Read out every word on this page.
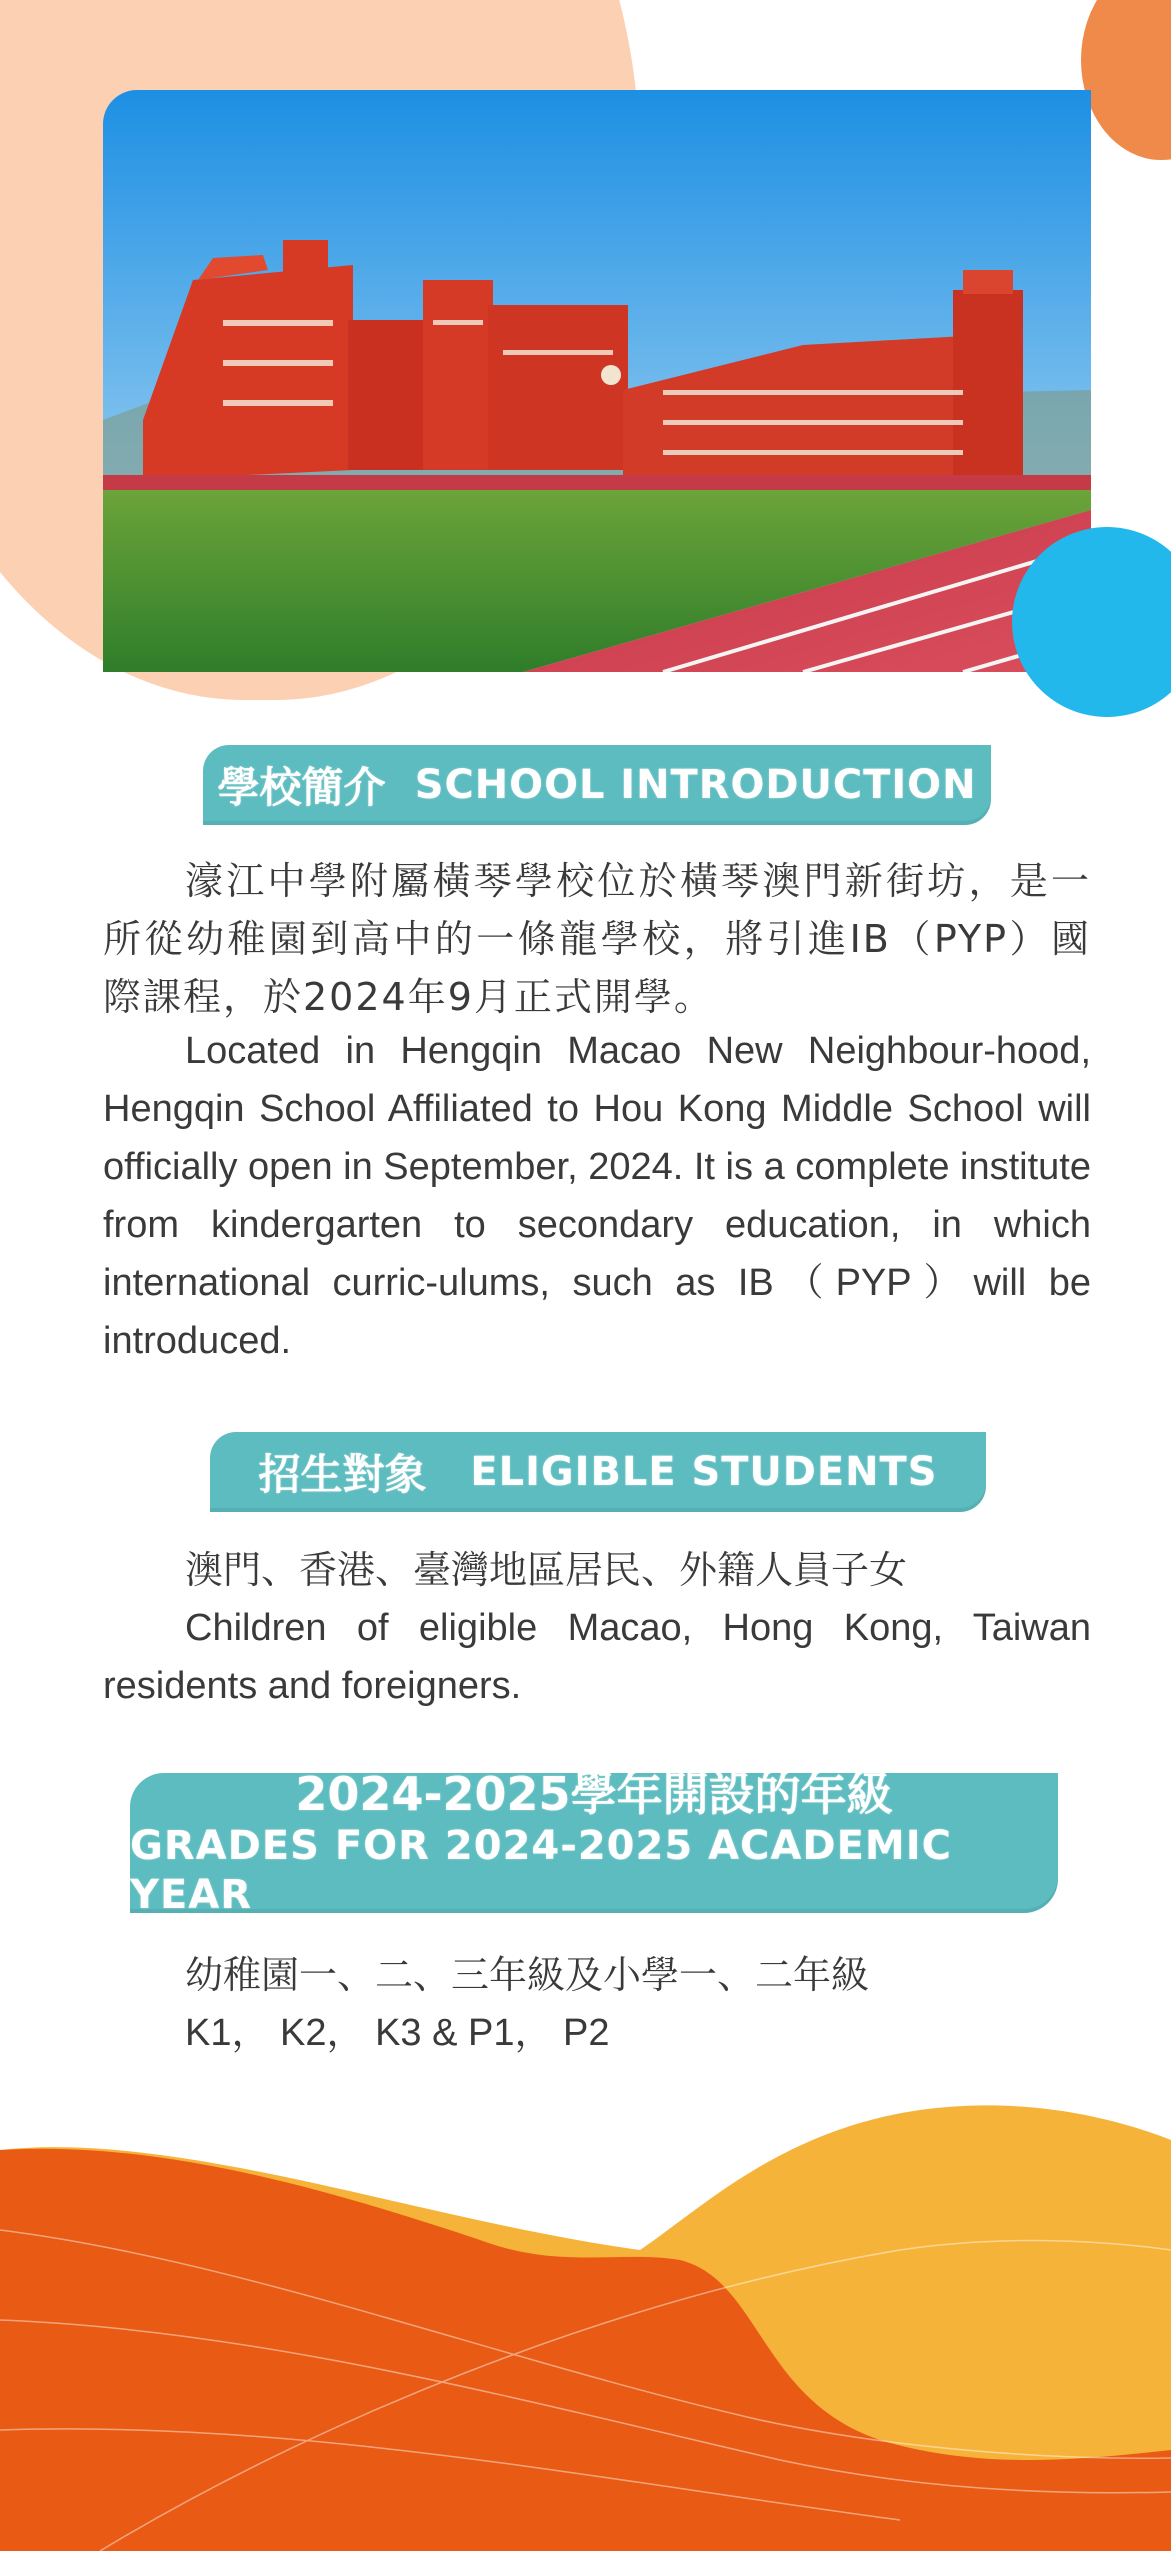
學校簡介
SCHOOL INTRODUCTION
濠江中學附屬橫琴學校位於橫琴澳門新街坊，是一所從幼稚園到高中的一條龍學校，將引進IB（PYP）國際課程，於2024年9月正式開學。
Located in Hengqin Macao New Neighbour-hood, Hengqin School Affiliated to Hou Kong Middle School will officially open in September, 2024. It is a complete institute from kindergarten to secondary education, in which international curric-ulums, such as IB（PYP）will be introduced.
招生對象
ELIGIBLE STUDENTS
澳門、香港、臺灣地區居民、外籍人員子女
Children of eligible Macao, Hong Kong, Taiwan residents and foreigners.
2024-2025學年開設的年級
GRADES FOR 2024-2025 ACADEMIC YEAR
幼稚園一、二、三年級及小學一、二年級
K1， K2， K3 & P1， P2
